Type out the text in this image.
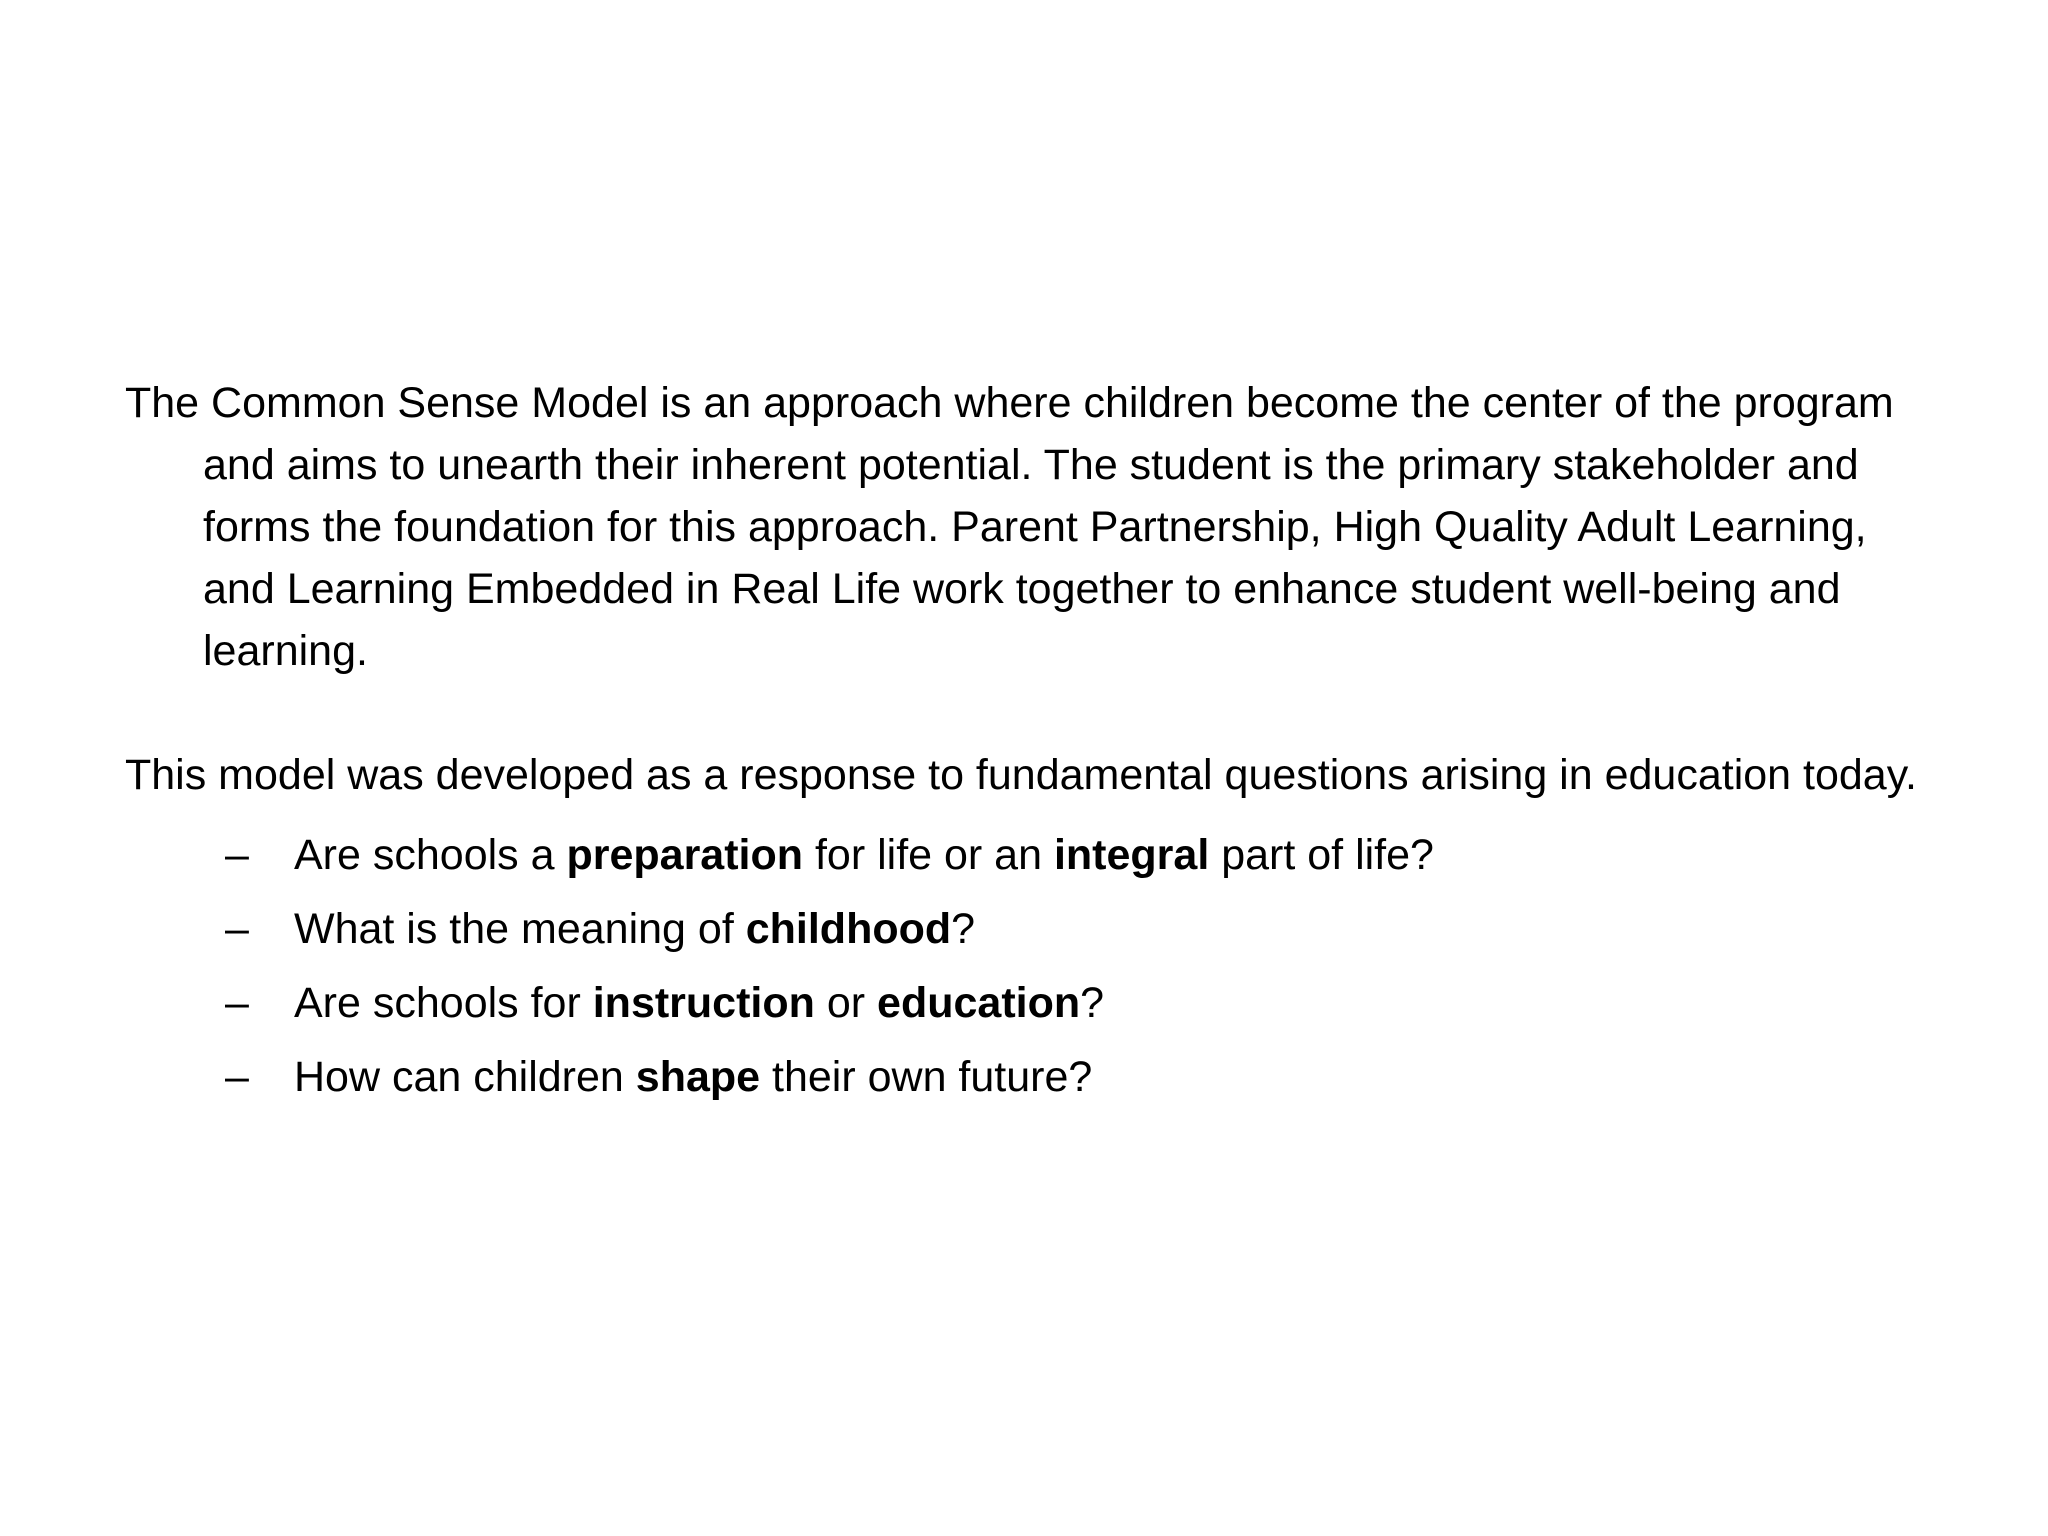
The Common Sense Model is an approach where children become the center of the program and aims to unearth their inherent potential. The student is the primary stakeholder and forms the foundation for this approach. Parent Partnership, High Quality Adult Learning, and Learning Embedded in Real Life work together to enhance student well-being and learning.

This model was developed as a response to fundamental questions arising in education today.

– Are schools a preparation for life or an integral part of life?
– What is the meaning of childhood?
– Are schools for instruction or education?
– How can children shape their own future?
